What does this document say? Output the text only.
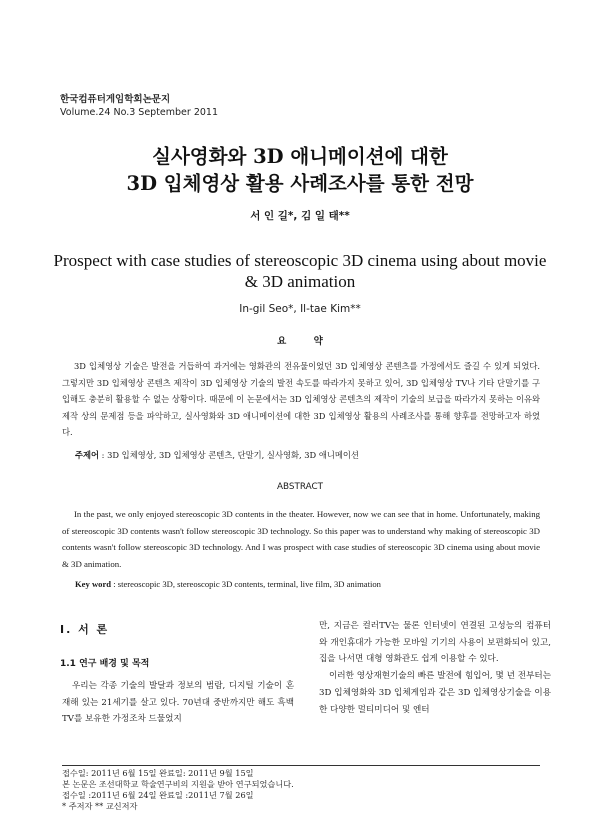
한국컴퓨터게임학회논문지
Volume.24 No.3 September 2011
실사영화와 3D 애니메이션에 대한
3D 입체영상 활용 사례조사를 통한 전망
서 인 길*, 김 일 태**
Prospect with case studies of stereoscopic 3D cinema using about movie & 3D animation
In-gil Seo*, Il-tae Kim**
요 약
3D 입체영상 기술은 발전을 거듭하여 과거에는 영화관의 전유물이었던 3D 입체영상 콘텐츠를 가정에서도 즐길 수 있게 되었다. 그렇지만 3D 입체영상 콘텐츠 제작이 3D 입체영상 기술의 발전 속도를 따라가지 못하고 있어, 3D 입체영상 TV나 기타 단말기를 구입해도 충분히 활용할 수 없는 상황이다. 때문에 이 논문에서는 3D 입체영상 콘텐츠의 제작이 기술의 보급을 따라가지 못하는 이유와 제작 상의 문제점 등을 파악하고, 실사영화와 3D 애니메이션에 대한 3D 입체영상 활용의 사례조사를 통해 향후를 전망하고자 하였다.
주제어 : 3D 입체영상, 3D 입체영상 콘텐츠, 단말기, 실사영화, 3D 애니메이션
ABSTRACT
In the past, we only enjoyed stereoscopic 3D contents in the theater. However, now we can see that in home. Unfortunately, making of stereoscopic 3D contents wasn't follow stereoscopic 3D technology. So this paper was to understand why making of stereoscopic 3D contents wasn't follow stereoscopic 3D technology. And I was prospect with case studies of stereoscopic 3D cinema using about movie & 3D animation.
Key word : stereoscopic 3D, stereoscopic 3D contents, terminal, live film, 3D animation
Ⅰ. 서 론
1.1 연구 배경 및 목적

우리는 각종 기술의 발달과 정보의 범람, 디지털 기술이 혼재해 있는 21세기를 살고 있다. 70년대 중반까지만 해도 흑백TV를 보유한 가정조차 드물었지

만, 지금은 컬러TV는 물론 인터넷이 연결된 고성능의 컴퓨터와 개인휴대가 가능한 모바일 기기의 사용이 보편화되어 있고, 집을 나서면 대형 영화관도 쉽게 이용할 수 있다.

이러한 영상재현기술의 빠른 발전에 힘입어, 몇 년 전부터는 3D 입체영화와 3D 입체게임과 같은 3D 입체영상기술을 이용한 다양한 멀티미디어 및 엔터

접수일: 2011년 6월 15일 완료일: 2011년 9월 15일
본 논문은 조선대학교 학술연구비의 지원을 받아 연구되었습니다.
접수일 :2011년 6월 24일 완료일 :2011년 7월 26일
* 주저자 ** 교신저자
